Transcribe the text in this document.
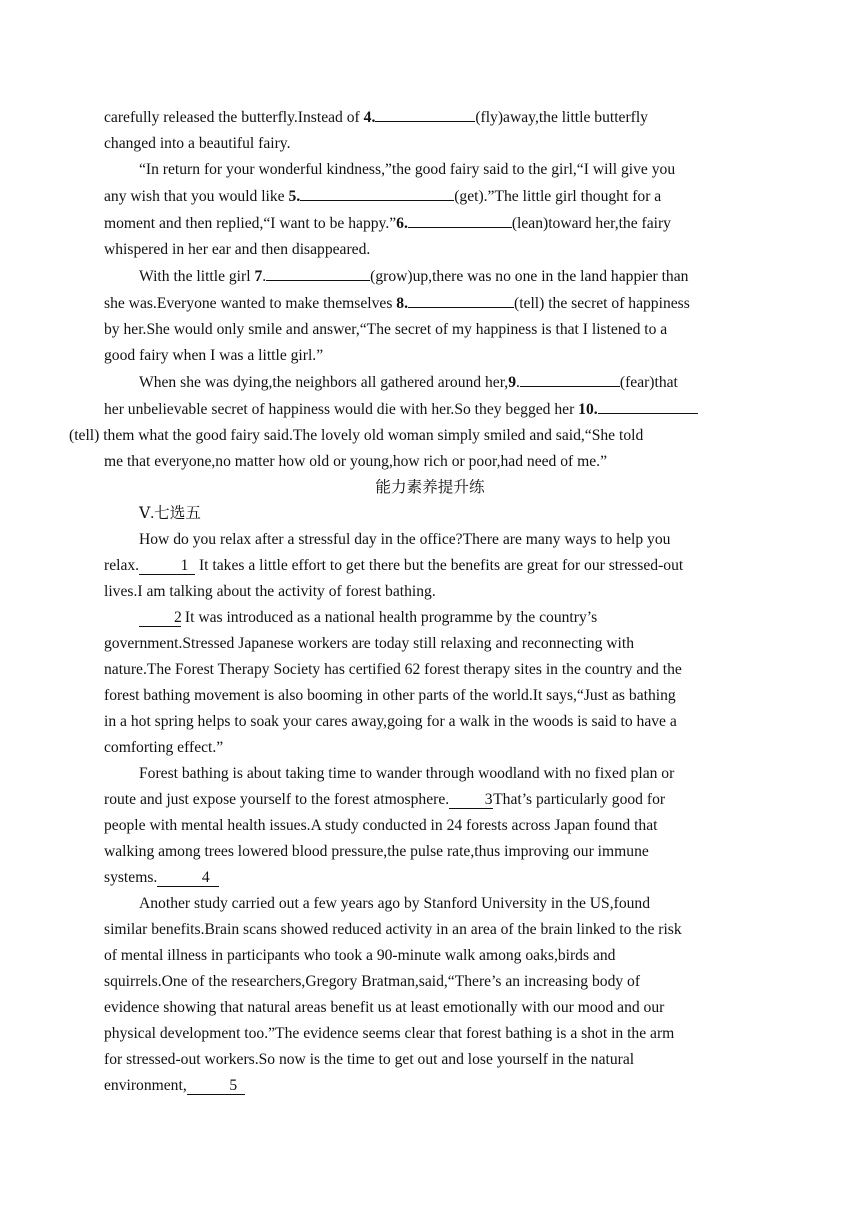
carefully released the butterfly.Instead of 4.	(fly)away,the little butterfly
changed into a beautiful fairy.

“In return for your wonderful kindness,”the good fairy said to the girl,“I will give you
any wish that you would like 5.	(get).”The little girl thought for a
moment and then replied,“I want to be happy.”6.	(lean)toward her,the fairy
whispered in her ear and then disappeared.

With the little girl 7.	(grow)up,there was no one in the land happier than
she was.Everyone wanted to make themselves 8.	(tell) the secret of happiness
by her.She would only smile and answer,“The secret of my happiness is that I listened to a
good fairy when I was a little girl.”

When she was dying,the neighbors all gathered around her,9.	(fear)that
her unbelievable secret of happiness would die with her.So they begged her 10.
(tell) them what the good fairy said.The lovely old woman simply smiled and said,“She told
me that everyone,no matter how old or young,how rich or poor,had need of me.”

能力素养提升练

Ⅴ.七选五

How do you relax after a stressful day in the office?There are many ways to help you
relax.	1 It takes a little effort to get there but the benefits are great for our stressed-out
lives.I am talking about the activity of forest bathing.

2 It was introduced as a national health programme by the country’s
government.Stressed Japanese workers are today still relaxing and reconnecting with
nature.The Forest Therapy Society has certified 62 forest therapy sites in the country and the
forest bathing movement is also booming in other parts of the world.It says,“Just as bathing
in a hot spring helps to soak your cares away,going for a walk in the woods is said to have a
comforting effect.”

Forest bathing is about taking time to wander through woodland with no fixed plan or
route and just expose yourself to the forest atmosphere. 3That’s particularly good for
people with mental health issues.A study conducted in 24 forests across Japan found that
walking among trees lowered blood pressure,the pulse rate,thus improving our immune
systems.	4

Another study carried out a few years ago by Stanford University in the US,found
similar benefits.Brain scans showed reduced activity in an area of the brain linked to the risk
of mental illness in participants who took a 90-minute walk among oaks,birds and
squirrels.One of the researchers,Gregory Bratman,said,“There’s an increasing body of
evidence showing that natural areas benefit us at least emotionally with our mood and our
physical development too.”The evidence seems clear that forest bathing is a shot in the arm
for stressed-out workers.So now is the time to get out and lose yourself in the natural
environment,	5
